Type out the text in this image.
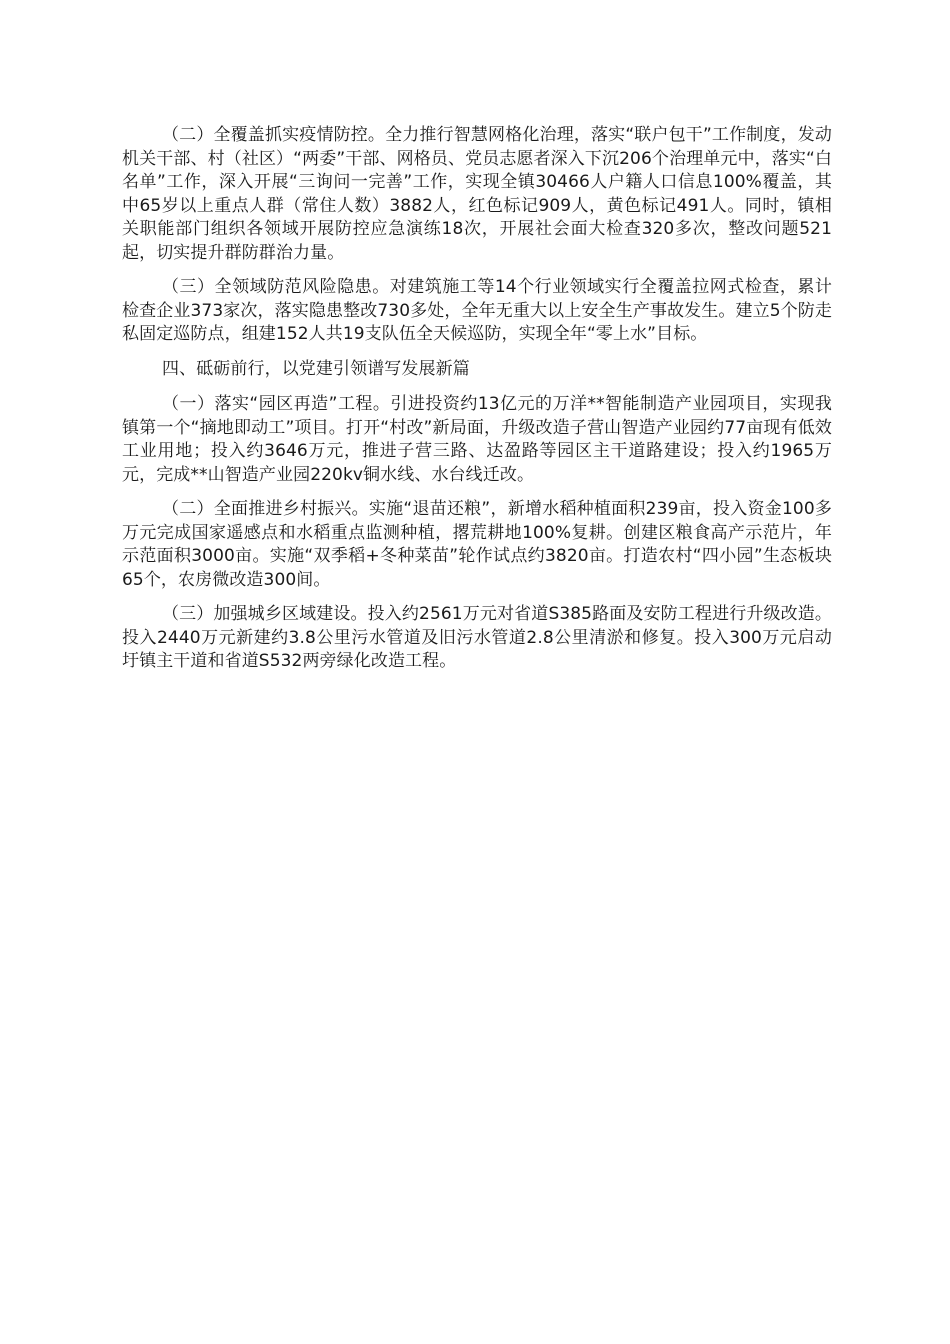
（二）全覆盖抓实疫情防控。全力推行智慧网格化治理，落实“联户包干”工作制度，发动机关干部、村（社区）“两委”干部、网格员、党员志愿者深入下沉206个治理单元中，落实“白名单”工作，深入开展“三询问一完善”工作，实现全镇30466人户籍人口信息100%覆盖，其中65岁以上重点人群（常住人数）3882人，红色标记909人，黄色标记491人。同时，镇相关职能部门组织各领域开展防控应急演练18次，开展社会面大检查320多次，整改问题521起，切实提升群防群治力量。

（三）全领域防范风险隐患。对建筑施工等14个行业领域实行全覆盖拉网式检查，累计检查企业373家次，落实隐患整改730多处，全年无重大以上安全生产事故发生。建立5个防走私固定巡防点，组建152人共19支队伍全天候巡防，实现全年“零上水”目标。

四、砥砺前行，以党建引领谱写发展新篇

（一）落实“园区再造”工程。引进投资约13亿元的万洋**智能制造产业园项目，实现我镇第一个“摘地即动工”项目。打开“村改”新局面，升级改造子营山智造产业园约77亩现有低效工业用地；投入约3646万元，推进子营三路、达盈路等园区主干道路建设；投入约1965万元，完成**山智造产业园220kv铜水线、水台线迁改。

（二）全面推进乡村振兴。实施“退苗还粮”，新增水稻种植面积239亩，投入资金100多万元完成国家遥感点和水稻重点监测种植，撂荒耕地100%复耕。创建区粮食高产示范片，年示范面积3000亩。实施“双季稻+冬种菜苗”轮作试点约3820亩。打造农村“四小园”生态板块65个，农房微改造300间。

（三）加强城乡区域建设。投入约2561万元对省道S385路面及安防工程进行升级改造。投入2440万元新建约3.8公里污水管道及旧污水管道2.8公里清淤和修复。投入300万元启动圩镇主干道和省道S532两旁绿化改造工程。
